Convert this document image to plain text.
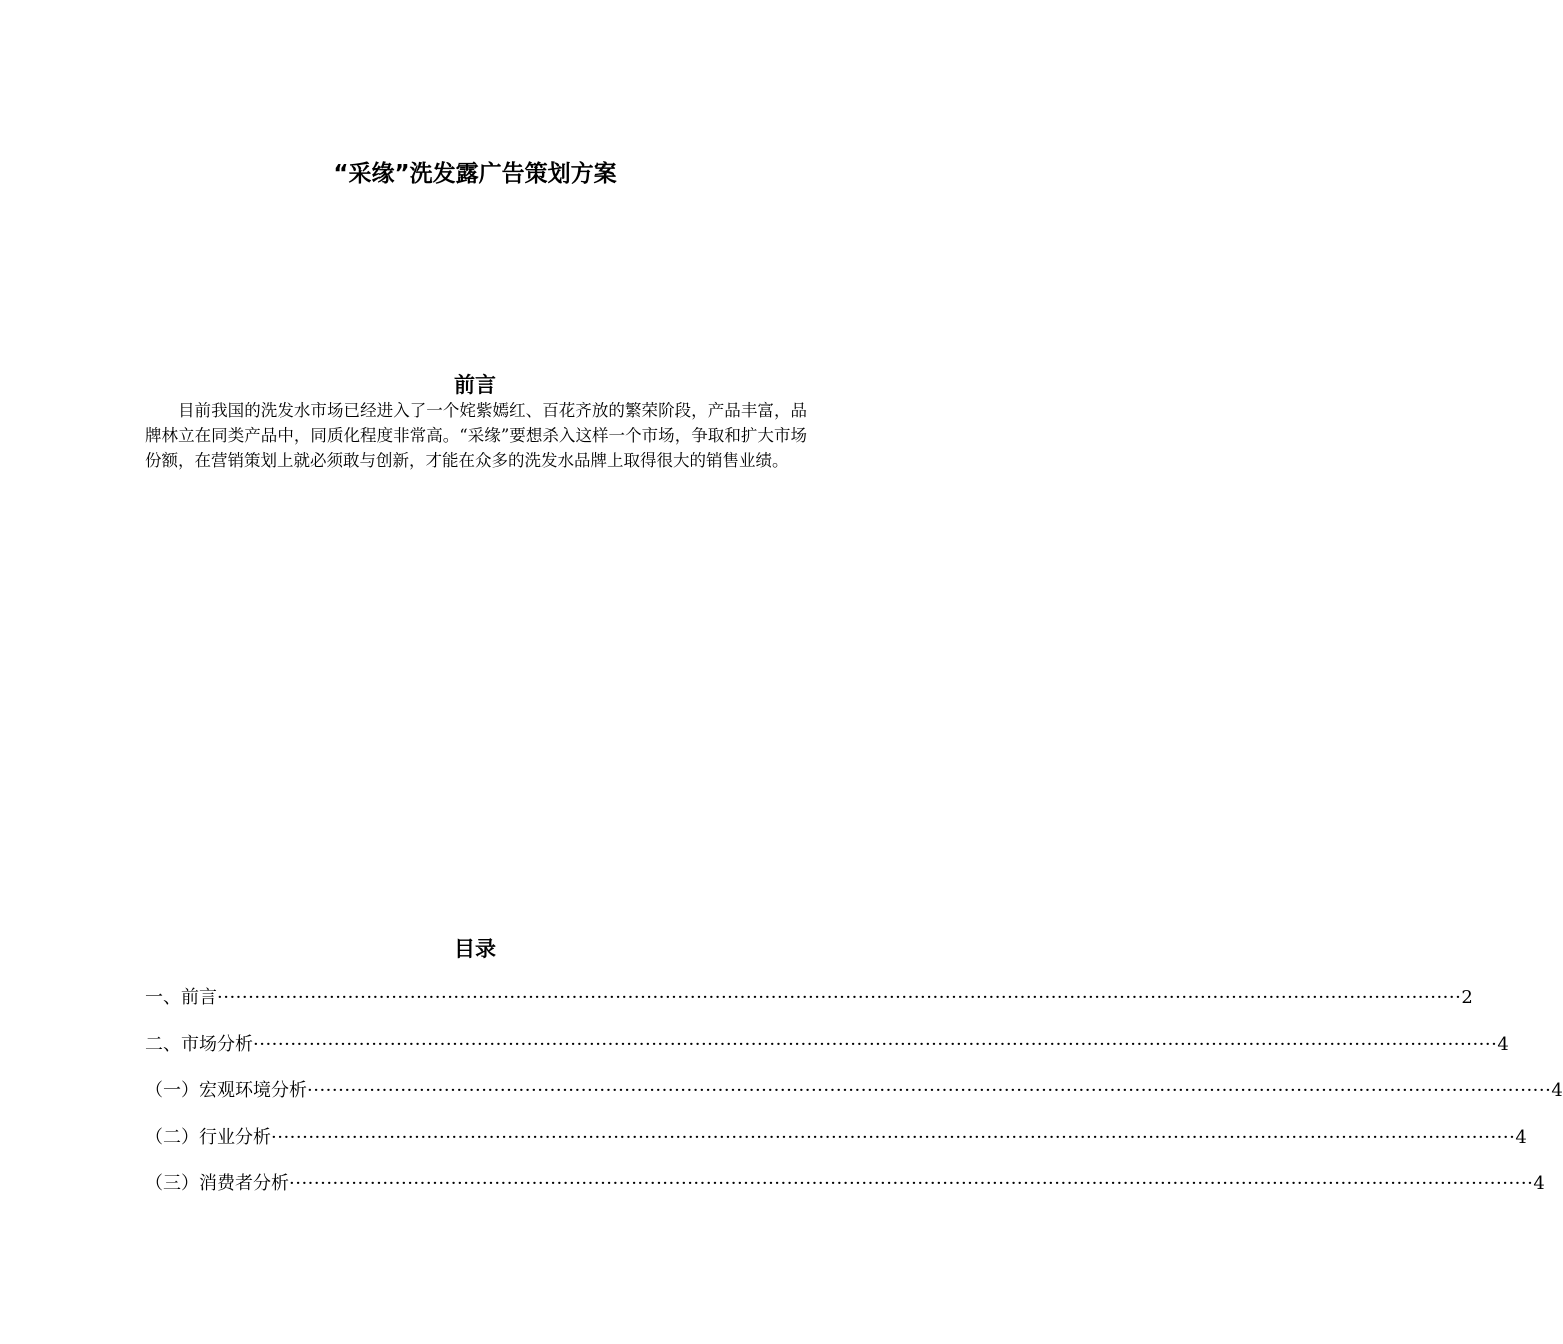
“采缘”洗发露广告策划方案
前言

目前我国的洗发水市场已经进入了一个姹紫嫣红、百花齐放的繁荣阶段，产品丰富，品牌林立在同类产品中，同质化程度非常高。“采缘”要想杀入这样一个市场，争取和扩大市场份额，在营销策划上就必须敢与创新，才能在众多的洗发水品牌上取得很大的销售业绩。

目录
一、前言 ········································································································································································································ 2
二、市场分析 ········································································································································································································ 4
（一）宏观环境分析 ········································································································································································································ 4
（二）行业分析 ········································································································································································································ 4
（三）消费者分析 ········································································································································································································ 4
